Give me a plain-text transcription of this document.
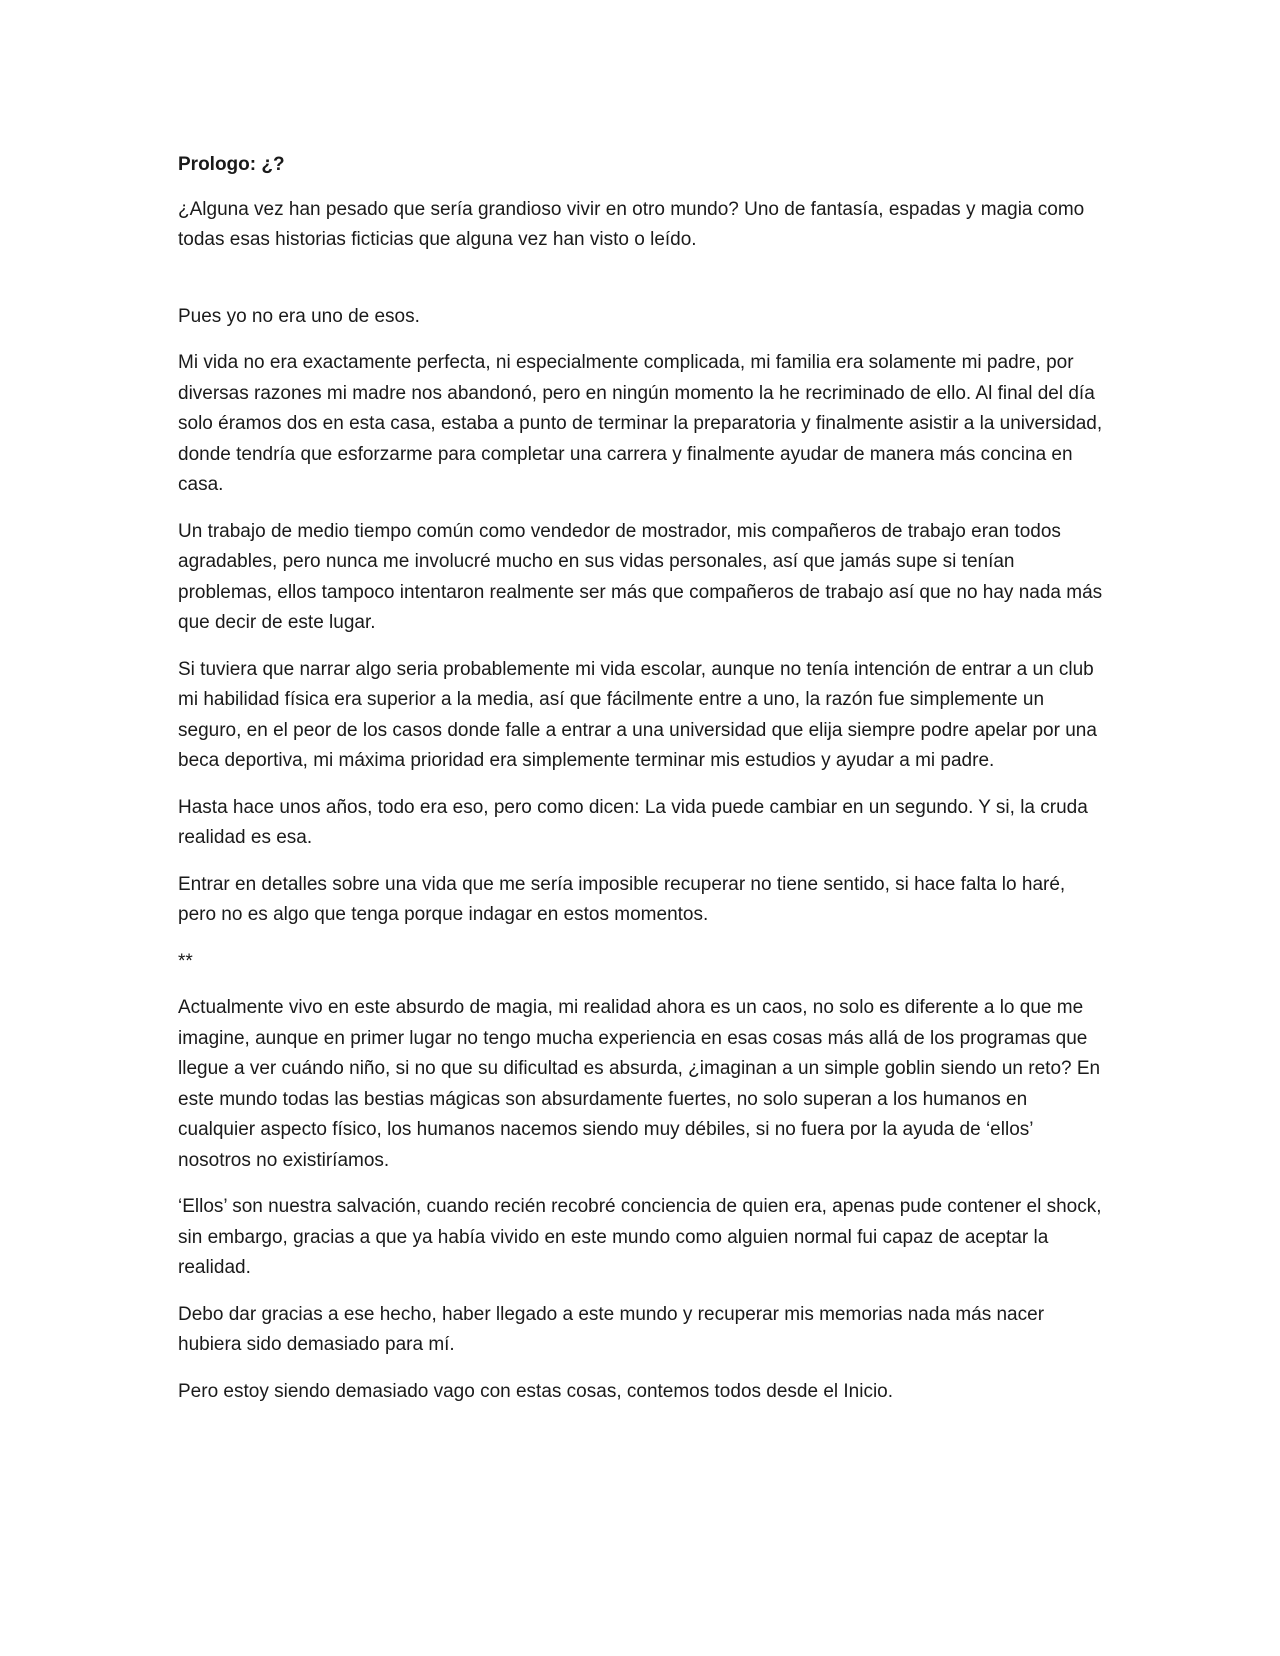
Prologo: ¿?

¿Alguna vez han pesado que sería grandioso vivir en otro mundo? Uno de fantasía, espadas y magia como todas esas historias ficticias que alguna vez han visto o leído.

Pues yo no era uno de esos.

Mi vida no era exactamente perfecta, ni especialmente complicada, mi familia era solamente mi padre, por diversas razones mi madre nos abandonó, pero en ningún momento la he recriminado de ello. Al final del día solo éramos dos en esta casa, estaba a punto de terminar la preparatoria y finalmente asistir a la universidad, donde tendría que esforzarme para completar una carrera y finalmente ayudar de manera más concina en casa.

Un trabajo de medio tiempo común como vendedor de mostrador, mis compañeros de trabajo eran todos agradables, pero nunca me involucré mucho en sus vidas personales, así que jamás supe si tenían problemas, ellos tampoco intentaron realmente ser más que compañeros de trabajo así que no hay nada más que decir de este lugar.

Si tuviera que narrar algo seria probablemente mi vida escolar, aunque no tenía intención de entrar a un club mi habilidad física era superior a la media, así que fácilmente entre a uno, la razón fue simplemente un seguro, en el peor de los casos donde falle a entrar a una universidad que elija siempre podre apelar por una beca deportiva, mi máxima prioridad era simplemente terminar mis estudios y ayudar a mi padre.

Hasta hace unos años, todo era eso, pero como dicen: La vida puede cambiar en un segundo. Y si, la cruda realidad es esa.

Entrar en detalles sobre una vida que me sería imposible recuperar no tiene sentido, si hace falta lo haré, pero no es algo que tenga porque indagar en estos momentos.

**

Actualmente vivo en este absurdo de magia, mi realidad ahora es un caos, no solo es diferente a lo que me imagine, aunque en primer lugar no tengo mucha experiencia en esas cosas más allá de los programas que llegue a ver cuándo niño, si no que su dificultad es absurda, ¿imaginan a un simple goblin siendo un reto? En este mundo todas las bestias mágicas son absurdamente fuertes, no solo superan a los humanos en cualquier aspecto físico, los humanos nacemos siendo muy débiles, si no fuera por la ayuda de ‘ellos’ nosotros no existiríamos.

‘Ellos’ son nuestra salvación, cuando recién recobré conciencia de quien era, apenas pude contener el shock, sin embargo, gracias a que ya había vivido en este mundo como alguien normal fui capaz de aceptar la realidad.

Debo dar gracias a ese hecho, haber llegado a este mundo y recuperar mis memorias nada más nacer hubiera sido demasiado para mí.

Pero estoy siendo demasiado vago con estas cosas, contemos todos desde el Inicio.
